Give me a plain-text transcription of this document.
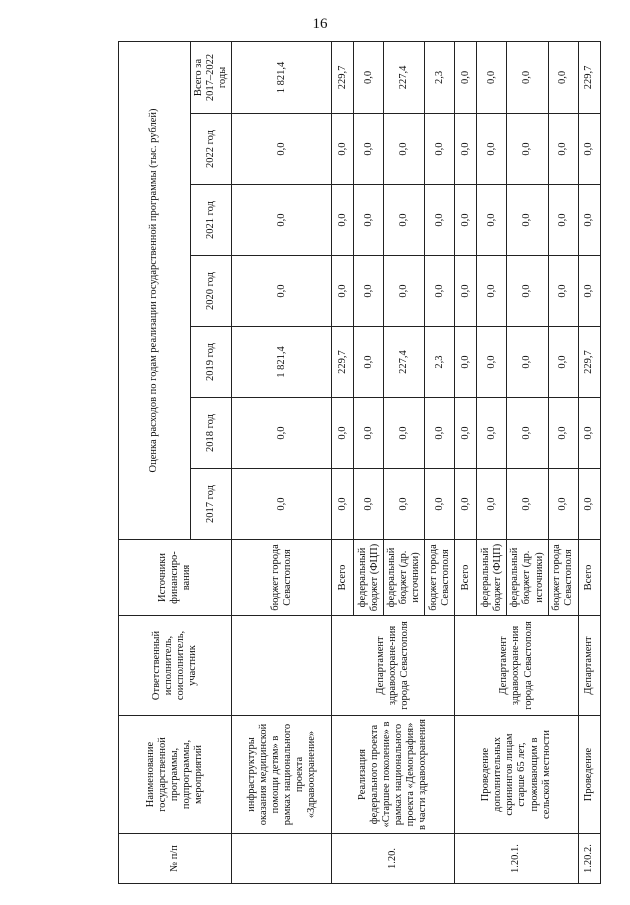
16
№ п/п	Наименование государственной программы, подпрограммы, мероприятий	Ответственный исполнитель, соисполнитель, участник	Источники финансиро-вания	Оценка расходов по годам реализации государственной программы (тыс. рублей)						
				2017 год	2018 год	2019 год	2020 год	2021 год	2022 год	Всего за 2017–2022 годы
	инфраструктуры оказания медицинской помощи детям» в рамках национального проекта «Здравоохранение»		бюджет города Севастополя	0,0	0,0	1 821,4	0,0	0,0	0,0	1 821,4
1.20.	Реализация федерального проекта «Старшее поколение» в рамках национального проекта «Демография» в части здравоохранения	Департамент здравоохране-ния города Севастополя	Всего	0,0	0,0	229,7	0,0	0,0	0,0	229,7
			федеральный бюджет (ФЦП)	0,0	0,0	0,0	0,0	0,0	0,0	0,0
			федеральный бюджет (др. источники)	0,0	0,0	227,4	0,0	0,0	0,0	227,4
			бюджет города Севастополя	0,0	0,0	2,3	0,0	0,0	0,0	2,3
1.20.1.	Проведение дополнительных скринингов лицам старше 65 лет, проживающим в сельской местности	Департамент здравоохране-ния города Севастополя	Всего	0,0	0,0	0,0	0,0	0,0	0,0	0,0
			федеральный бюджет (ФЦП)	0,0	0,0	0,0	0,0	0,0	0,0	0,0
			федеральный бюджет (др. источники)	0,0	0,0	0,0	0,0	0,0	0,0	0,0
			бюджет города Севастополя	0,0	0,0	0,0	0,0	0,0	0,0	0,0
1.20.2.	Проведение	Департамент	Всего	0,0	0,0	229,7	0,0	0,0	0,0	229,7
